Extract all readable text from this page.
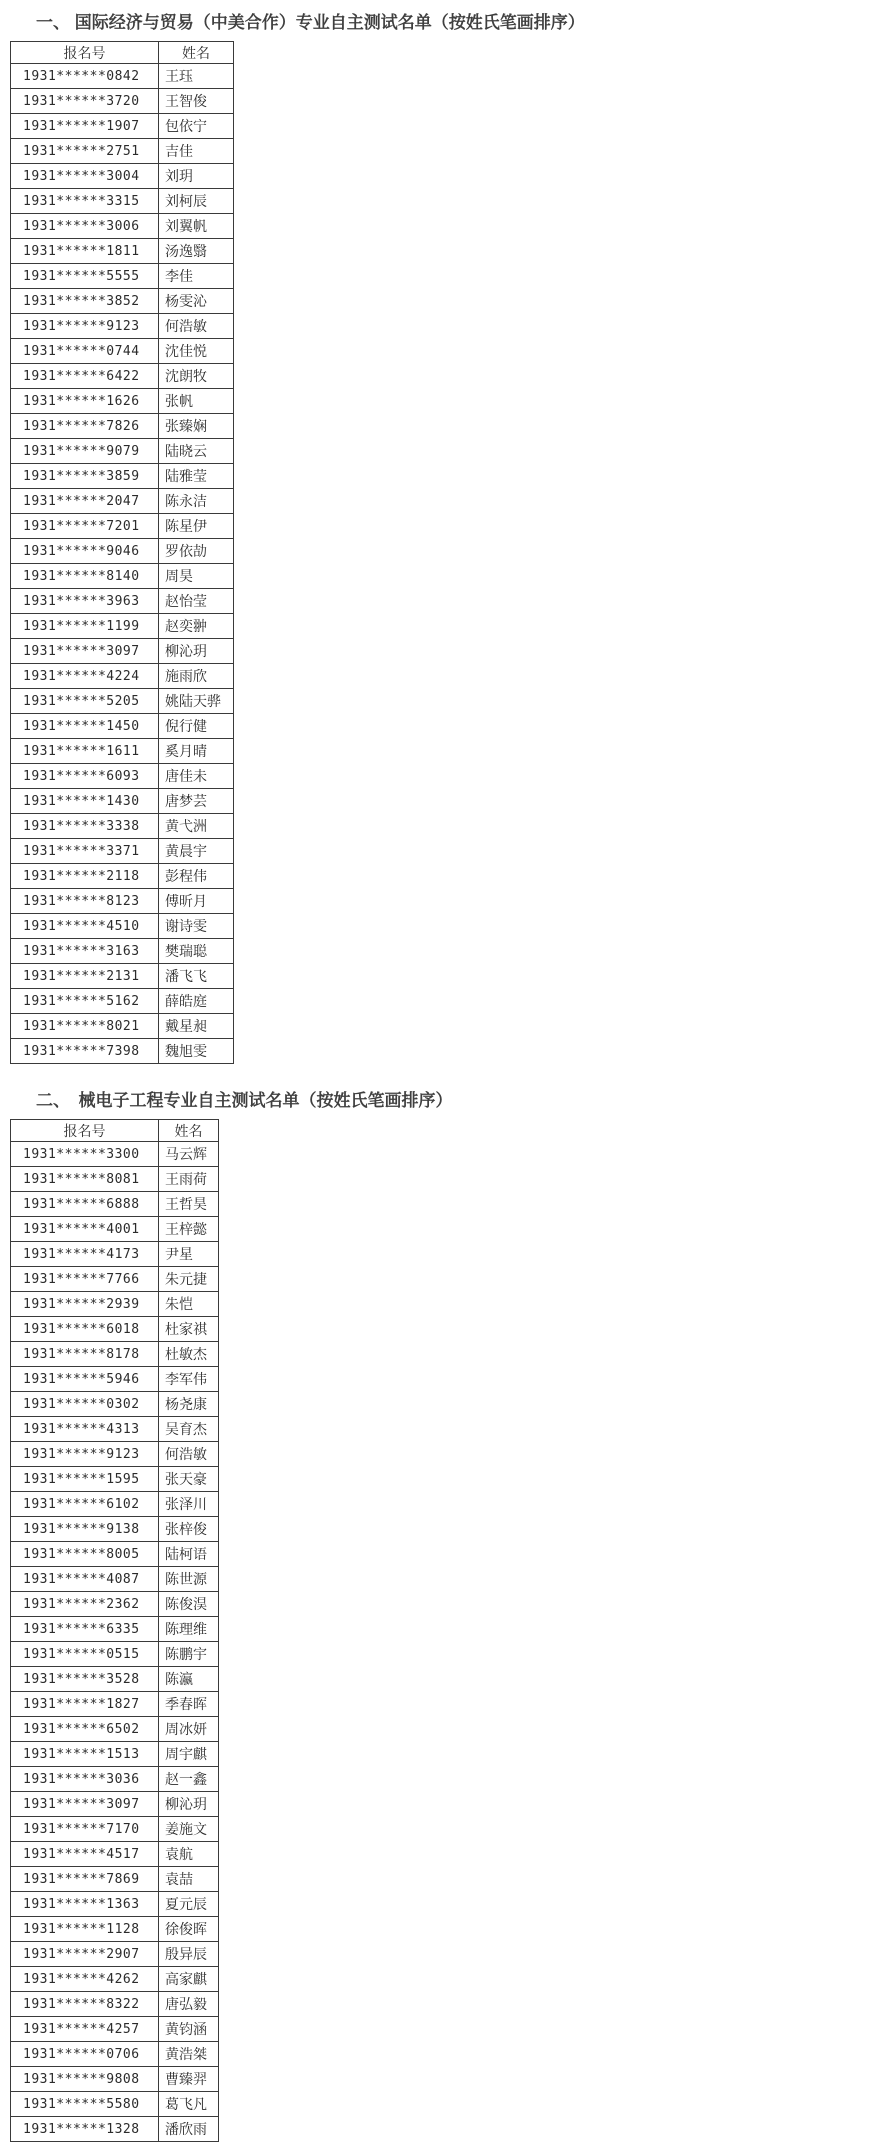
一、 国际经济与贸易（中美合作）专业自主测试名单（按姓氏笔画排序）
报名号	姓名
1931******0842	王珏
1931******3720	王智俊
1931******1907	包依宁
1931******2751	吉佳
1931******3004	刘玥
1931******3315	刘柯辰
1931******3006	刘翼帆
1931******1811	汤逸翳
1931******5555	李佳
1931******3852	杨雯沁
1931******9123	何浩敏
1931******0744	沈佳悦
1931******6422	沈朗牧
1931******1626	张帆
1931******7826	张臻娴
1931******9079	陆晓云
1931******3859	陆雅莹
1931******2047	陈永洁
1931******7201	陈星伊
1931******9046	罗依劼
1931******8140	周昊
1931******3963	赵怡莹
1931******1199	赵奕翀
1931******3097	柳沁玥
1931******4224	施雨欣
1931******5205	姚陆天骅
1931******1450	倪行健
1931******1611	奚月晴
1931******6093	唐佳未
1931******1430	唐梦芸
1931******3338	黄弋洲
1931******3371	黄晨宇
1931******2118	彭程伟
1931******8123	傅昕月
1931******4510	谢诗雯
1931******3163	樊瑞聪
1931******2131	潘飞飞
1931******5162	薛皓庭
1931******8021	戴星昶
1931******7398	魏旭雯
二、　械电子工程专业自主测试名单（按姓氏笔画排序）
报名号	姓名
1931******3300	马云辉
1931******8081	王雨荷
1931******6888	王哲昊
1931******4001	王梓懿
1931******4173	尹星
1931******7766	朱元捷
1931******2939	朱恺
1931******6018	杜家祺
1931******8178	杜敏杰
1931******5946	李军伟
1931******0302	杨尧康
1931******4313	吴育杰
1931******9123	何浩敏
1931******1595	张天豪
1931******6102	张泽川
1931******9138	张梓俊
1931******8005	陆柯语
1931******4087	陈世源
1931******2362	陈俊淏
1931******6335	陈理维
1931******0515	陈鹏宇
1931******3528	陈瀛
1931******1827	季春晖
1931******6502	周冰妍
1931******1513	周宇麒
1931******3036	赵一鑫
1931******3097	柳沁玥
1931******7170	姜施文
1931******4517	袁航
1931******7869	袁喆
1931******1363	夏元辰
1931******1128	徐俊晖
1931******2907	殷异辰
1931******4262	高家麒
1931******8322	唐弘毅
1931******4257	黄钧涵
1931******0706	黄浩桀
1931******9808	曹臻羿
1931******5580	葛飞凡
1931******1328	潘欣雨
